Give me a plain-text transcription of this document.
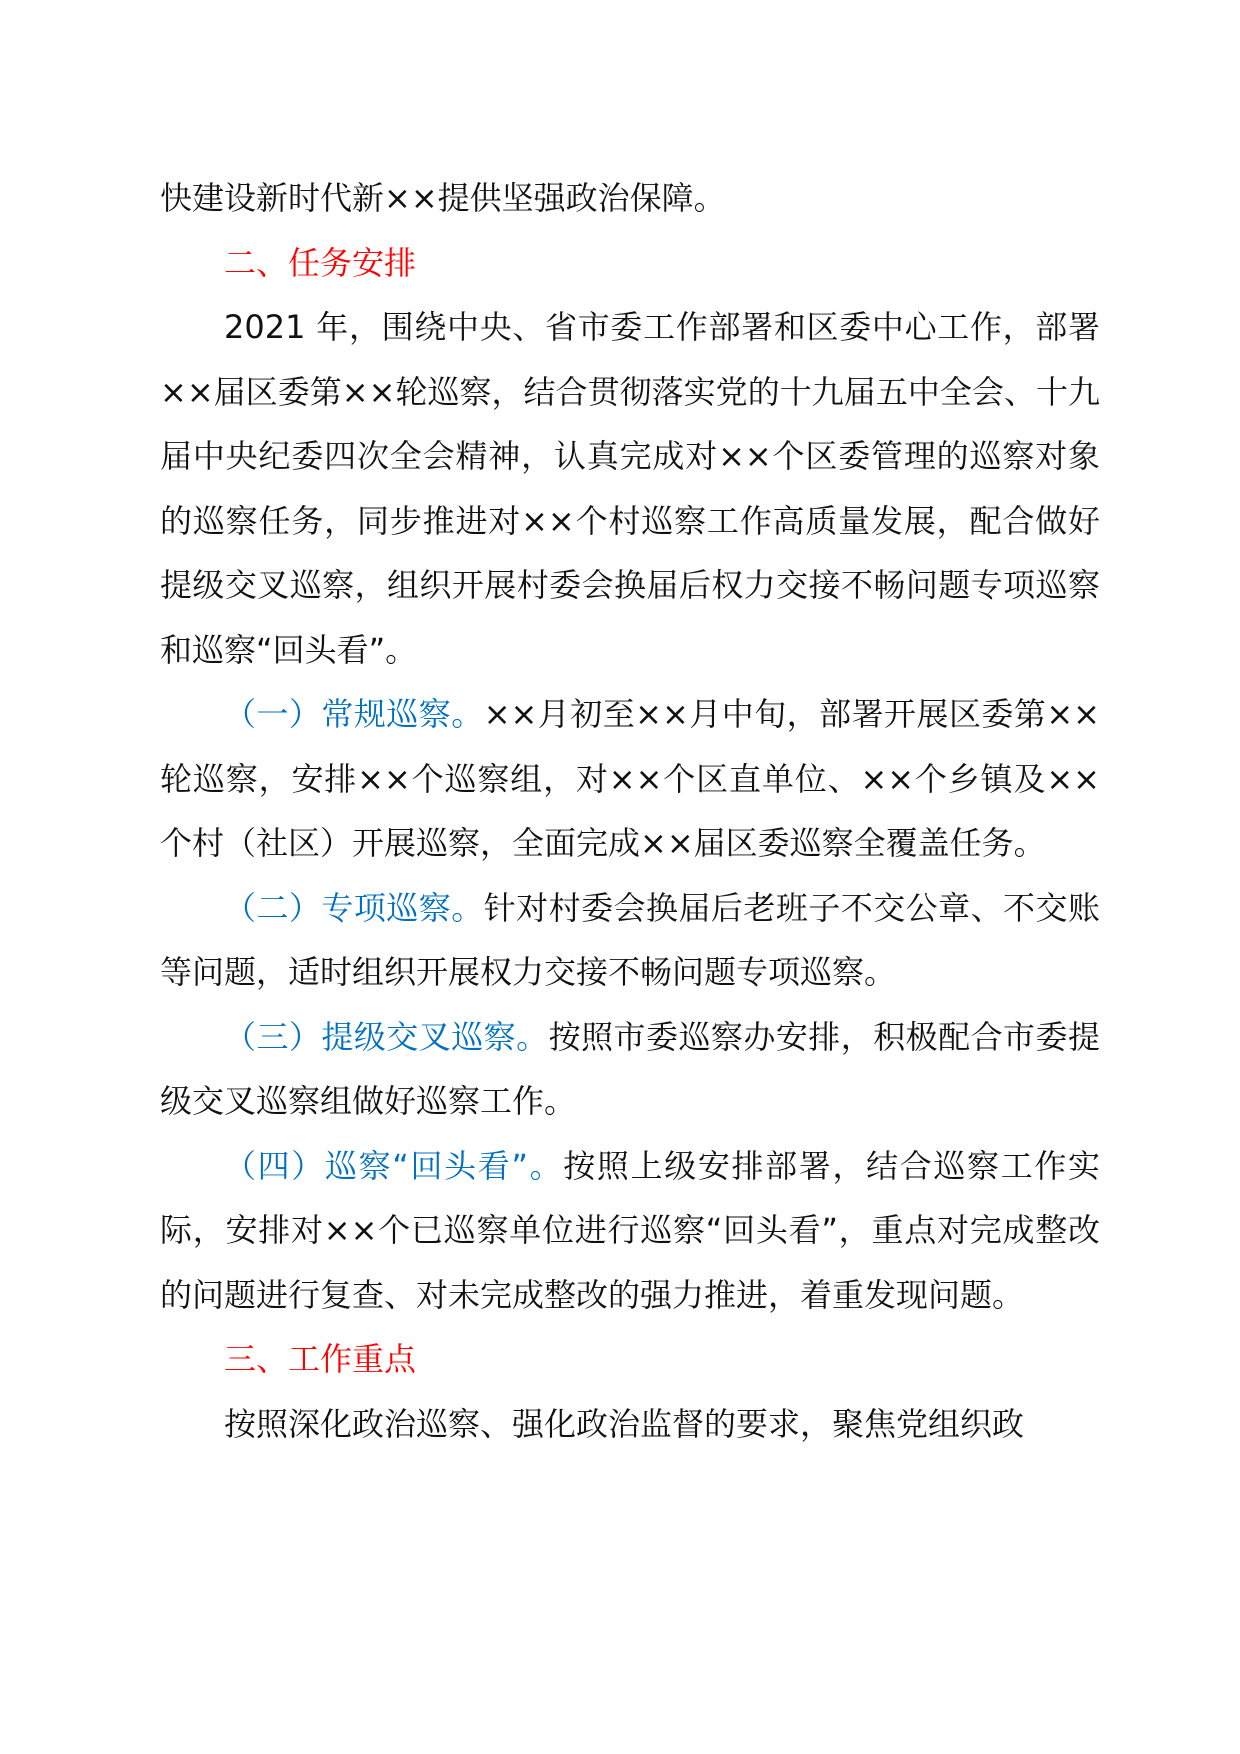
快建设新时代新××提供坚强政治保障。

二、任务安排

2021 年，围绕中央、省市委工作部署和区委中心工作，部署××届区委第××轮巡察，结合贯彻落实党的十九届五中全会、十九届中央纪委四次全会精神，认真完成对××个区委管理的巡察对象的巡察任务，同步推进对××个村巡察工作高质量发展，配合做好提级交叉巡察，组织开展村委会换届后权力交接不畅问题专项巡察和巡察“回头看”。

（一）常规巡察。××月初至××月中旬，部署开展区委第××轮巡察，安排××个巡察组，对××个区直单位、××个乡镇及××个村（社区）开展巡察，全面完成××届区委巡察全覆盖任务。

（二）专项巡察。针对村委会换届后老班子不交公章、不交账等问题，适时组织开展权力交接不畅问题专项巡察。

（三）提级交叉巡察。按照市委巡察办安排，积极配合市委提级交叉巡察组做好巡察工作。

（四）巡察“回头看”。按照上级安排部署，结合巡察工作实际，安排对××个已巡察单位进行巡察“回头看”，重点对完成整改的问题进行复查、对未完成整改的强力推进，着重发现问题。

三、工作重点

按照深化政治巡察、强化政治监督的要求，聚焦党组织政
